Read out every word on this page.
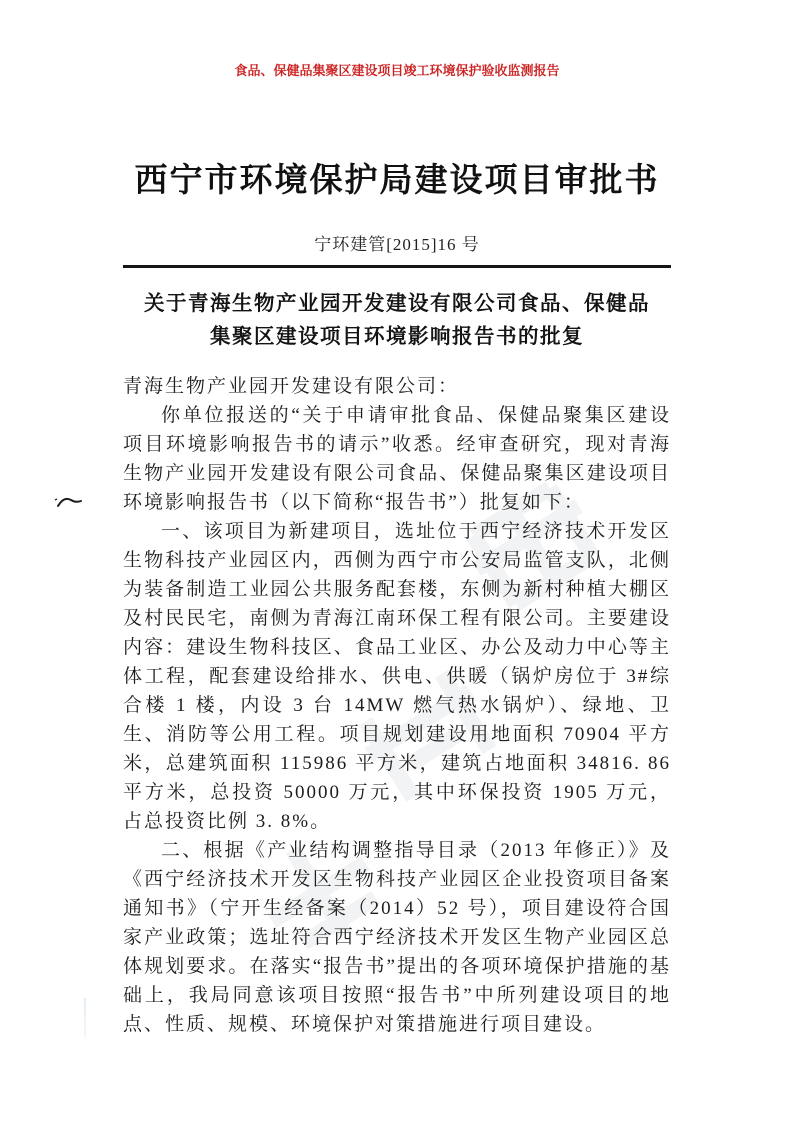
食品、保健品集聚区建设项目竣工环境保护验收监测报告
西宁市环境保护局建设项目审批书
宁环建管[2015]16 号
关于青海生物产业园开发建设有限公司食品、保健品
集聚区建设项目环境影响报告书的批复

青海生物产业园开发建设有限公司：

你单位报送的“关于申请审批食品、保健品聚集区建设项目环境影响报告书的请示”收悉。经审查研究，现对青海生物产业园开发建设有限公司食品、保健品聚集区建设项目环境影响报告书（以下简称“报告书”）批复如下：

一、该项目为新建项目，选址位于西宁经济技术开发区生物科技产业园区内，西侧为西宁市公安局监管支队，北侧为装备制造工业园公共服务配套楼，东侧为新村种植大棚区及村民民宅，南侧为青海江南环保工程有限公司。主要建设内容：建设生物科技区、食品工业区、办公及动力中心等主体工程，配套建设给排水、供电、供暖（锅炉房位于 3#综合楼 1 楼，内设 3 台 14MW 燃气热水锅炉）、绿地、卫生、消防等公用工程。项目规划建设用地面积 70904 平方米，总建筑面积 115986 平方米，建筑占地面积 34816. 86 平方米，总投资 50000 万元，其中环保投资 1905 万元，占总投资比例 3. 8%。

二、根据《产业结构调整指导目录（2013 年修正）》及《西宁经济技术开发区生物科技产业园区企业投资项目备案通知书》（宁开生经备案（2014）52 号），项目建设符合国家产业政策；选址符合西宁经济技术开发区生物产业园区总体规划要求。在落实“报告书”提出的各项环境保护措施的基础上，我局同意该项目按照“报告书”中所列建设项目的地点、性质、规模、环境保护对策措施进行项目建设。
